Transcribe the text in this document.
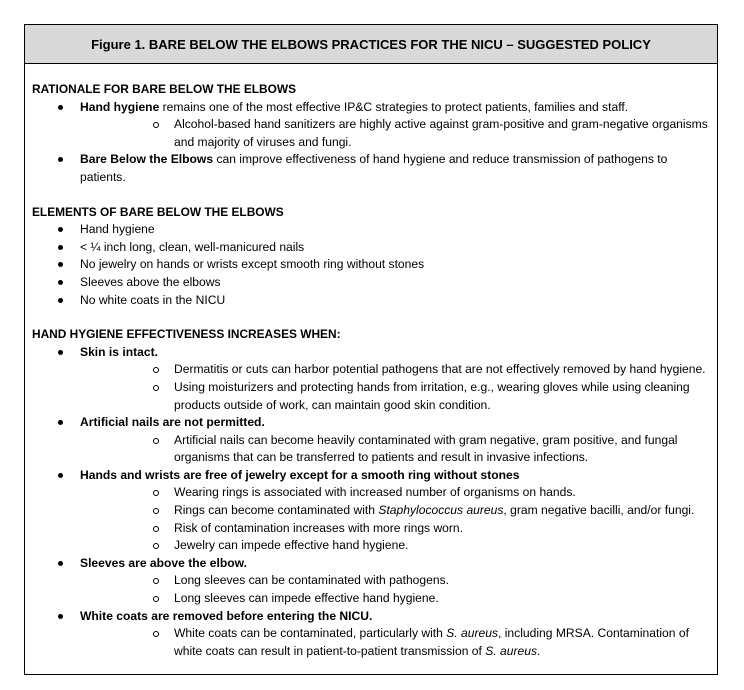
Figure 1. BARE BELOW THE ELBOWS PRACTICES FOR THE NICU – SUGGESTED POLICY
RATIONALE FOR BARE BELOW THE ELBOWS
Hand hygiene remains one of the most effective IP&C strategies to protect patients, families and staff.
Alcohol-based hand sanitizers are highly active against gram-positive and gram-negative organisms and majority of viruses and fungi.
Bare Below the Elbows can improve effectiveness of hand hygiene and reduce transmission of pathogens to patients.
ELEMENTS OF BARE BELOW THE ELBOWS
Hand hygiene
< ¼ inch long, clean, well-manicured nails
No jewelry on hands or wrists except smooth ring without stones
Sleeves above the elbows
No white coats in the NICU
HAND HYGIENE EFFECTIVENESS INCREASES WHEN:
Skin is intact.
Dermatitis or cuts can harbor potential pathogens that are not effectively removed by hand hygiene.
Using moisturizers and protecting hands from irritation, e.g., wearing gloves while using cleaning products outside of work, can maintain good skin condition.
Artificial nails are not permitted.
Artificial nails can become heavily contaminated with gram negative, gram positive, and fungal organisms that can be transferred to patients and result in invasive infections.
Hands and wrists are free of jewelry except for a smooth ring without stones
Wearing rings is associated with increased number of organisms on hands.
Rings can become contaminated with Staphylococcus aureus, gram negative bacilli, and/or fungi.
Risk of contamination increases with more rings worn.
Jewelry can impede effective hand hygiene.
Sleeves are above the elbow.
Long sleeves can be contaminated with pathogens.
Long sleeves can impede effective hand hygiene.
White coats are removed before entering the NICU.
White coats can be contaminated, particularly with S. aureus, including MRSA. Contamination of white coats can result in patient-to-patient transmission of S. aureus.
